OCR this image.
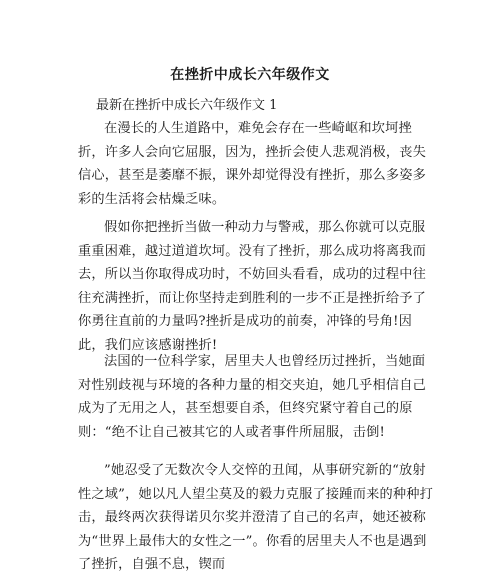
在挫折中成长六年级作文

最新在挫折中成长六年级作文 1

在漫长的人生道路中，难免会存在一些崎岖和坎坷挫折，许多人会向它屈服，因为，挫折会使人悲观消极，丧失信心，甚至是萎靡不振，课外却觉得没有挫折，那么多姿多彩的生活将会枯燥乏味。

假如你把挫折当做一种动力与警戒，那么你就可以克服重重困难，越过道道坎坷。没有了挫折，那么成功将离我而去，所以当你取得成功时，不妨回头看看，成功的过程中往往充满挫折，而让你坚持走到胜利的一步不正是挫折给予了你勇往直前的力量吗?挫折是成功的前奏，冲锋的号角!因此，我们应该感谢挫折!

法国的一位科学家，居里夫人也曾经历过挫折，当她面对性别歧视与环境的各种力量的相交夹迫，她几乎相信自己成为了无用之人，甚至想要自杀，但终究紧守着自己的原则：“绝不让自己被其它的人或者事件所屈服，击倒!

”她忍受了无数次令人交悴的丑闻，从事研究新的“放射性之域”，她以凡人望尘莫及的毅力克服了接踵而来的种种打击，最终两次获得诺贝尔奖并澄清了自己的名声，她还被称为“世界上最伟大的女性之一”。你看的居里夫人不也是遇到了挫折，自强不息，锲而
